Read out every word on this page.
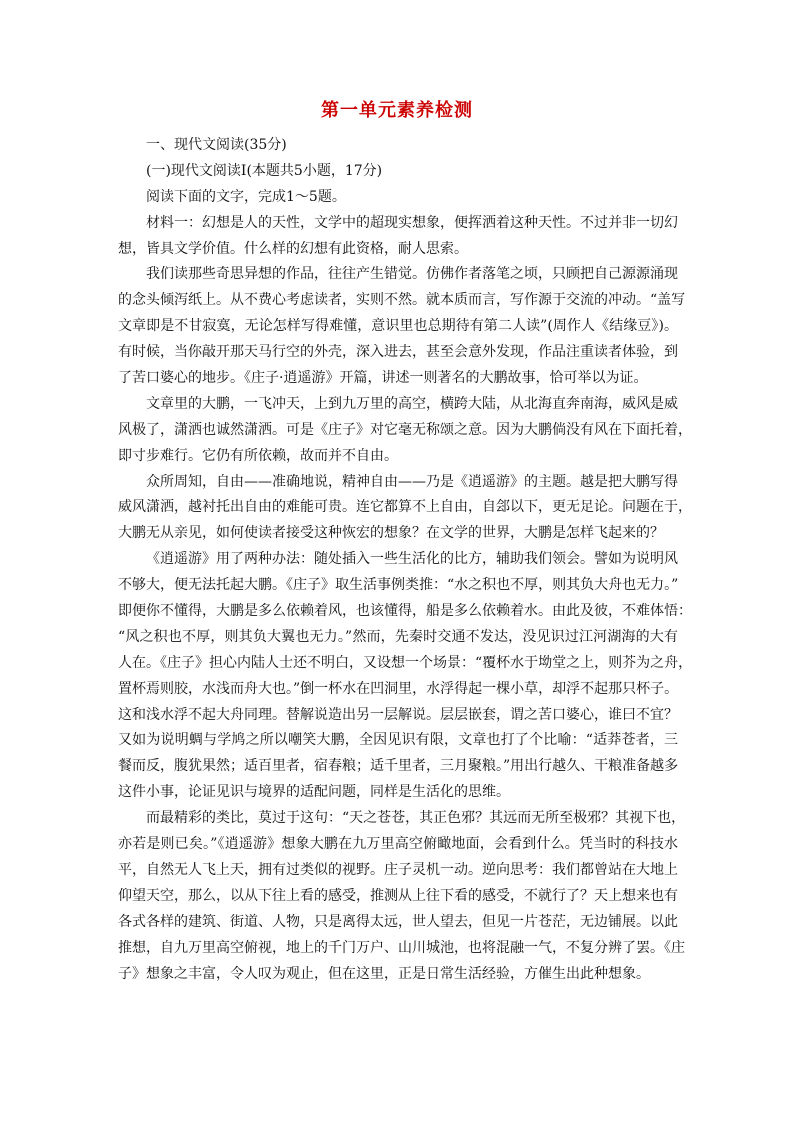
第一单元素养检测
一、现代文阅读(35分)
(一)现代文阅读Ⅰ(本题共5小题，17分)
阅读下面的文字，完成1～5题。
材料一：幻想是人的天性，文学中的超现实想象，便挥洒着这种天性。不过并非一切幻
想，皆具文学价值。什么样的幻想有此资格，耐人思索。
我们读那些奇思异想的作品，往往产生错觉。仿佛作者落笔之顷，只顾把自己源源涌现
的念头倾泻纸上。从不费心考虑读者，实则不然。就本质而言，写作源于交流的冲动。“盖写
文章即是不甘寂寞，无论怎样写得难懂，意识里也总期待有第二人读”(周作人《结缘豆》)。
有时候，当你敲开那天马行空的外壳，深入进去，甚至会意外发现，作品注重读者体验，到
了苦口婆心的地步。《庄子·逍遥游》开篇，讲述一则著名的大鹏故事，恰可举以为证。
文章里的大鹏，一飞冲天，上到九万里的高空，横跨大陆，从北海直奔南海，威风是威
风极了，潇洒也诚然潇洒。可是《庄子》对它毫无称颂之意。因为大鹏倘没有风在下面托着，
即寸步难行。它仍有所依赖，故而并不自由。
众所周知，自由——准确地说，精神自由——乃是《逍遥游》的主题。越是把大鹏写得
威风潇洒，越衬托出自由的难能可贵。连它都算不上自由，自郐以下，更无足论。问题在于，
大鹏无从亲见，如何使读者接受这种恢宏的想象？在文学的世界，大鹏是怎样飞起来的？
《逍遥游》用了两种办法：随处插入一些生活化的比方，辅助我们领会。譬如为说明风
不够大，便无法托起大鹏。《庄子》取生活事例类推：“水之积也不厚，则其负大舟也无力。”
即便你不懂得，大鹏是多么依赖着风，也该懂得，船是多么依赖着水。由此及彼，不难体悟：
“风之积也不厚，则其负大翼也无力。”然而，先秦时交通不发达，没见识过江河湖海的大有
人在。《庄子》担心内陆人士还不明白，又设想一个场景：“覆杯水于坳堂之上，则芥为之舟，
置杯焉则胶，水浅而舟大也。”倒一杯水在凹洞里，水浮得起一棵小草，却浮不起那只杯子。
这和浅水浮不起大舟同理。替解说造出另一层解说。层层嵌套，谓之苦口婆心，谁曰不宜？
又如为说明蜩与学鸠之所以嘲笑大鹏，全因见识有限，文章也打了个比喻：“适莽苍者，三
餐而反，腹犹果然；适百里者，宿春粮；适千里者，三月聚粮。”用出行越久、干粮准备越多
这件小事，论证见识与境界的适配问题，同样是生活化的思维。
而最精彩的类比，莫过于这句：“天之苍苍，其正色邪？其远而无所至极邪？其视下也，
亦若是则已矣。”《逍遥游》想象大鹏在九万里高空俯瞰地面，会看到什么。凭当时的科技水
平，自然无人飞上天，拥有过类似的视野。庄子灵机一动。逆向思考：我们都曾站在大地上
仰望天空，那么，以从下往上看的感受，推测从上往下看的感受，不就行了？天上想来也有
各式各样的建筑、街道、人物，只是离得太远，世人望去，但见一片苍茫，无边铺展。以此
推想，自九万里高空俯视，地上的千门万户、山川城池，也将混融一气，不复分辨了罢。《庄
子》想象之丰富，令人叹为观止，但在这里，正是日常生活经验，方催生出此种想象。
